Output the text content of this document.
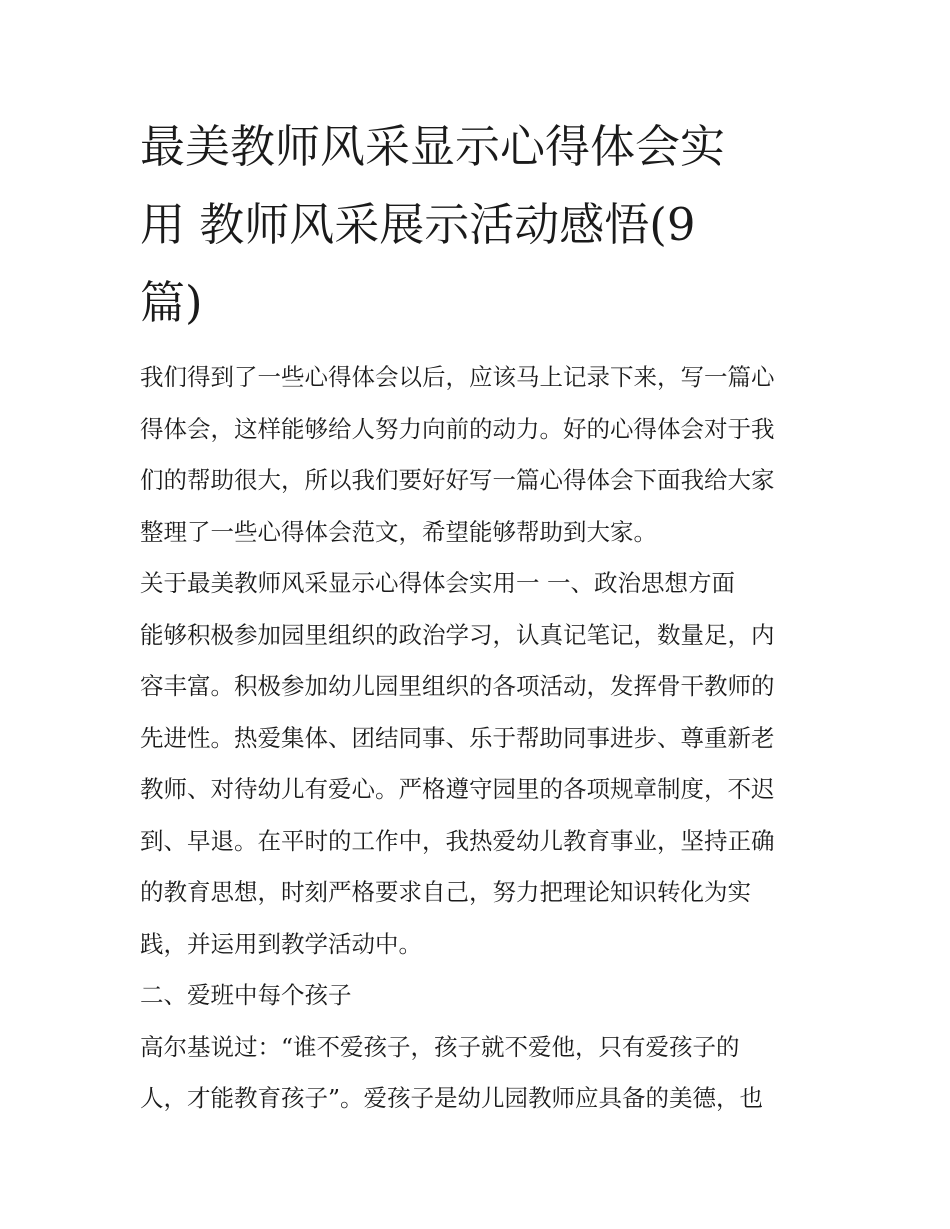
最美教师风采显示心得体会实
用 教师风采展示活动感悟(9
篇)
我们得到了一些心得体会以后，应该马上记录下来，写一篇心
得体会，这样能够给人努力向前的动力。好的心得体会对于我
们的帮助很大，所以我们要好好写一篇心得体会下面我给大家
整理了一些心得体会范文，希望能够帮助到大家。
关于最美教师风采显示心得体会实用一 一、政治思想方面
能够积极参加园里组织的政治学习，认真记笔记，数量足，内
容丰富。积极参加幼儿园里组织的各项活动，发挥骨干教师的
先进性。热爱集体、团结同事、乐于帮助同事进步、尊重新老
教师、对待幼儿有爱心。严格遵守园里的各项规章制度，不迟
到、早退。在平时的工作中，我热爱幼儿教育事业，坚持正确
的教育思想，时刻严格要求自己，努力把理论知识转化为实
践，并运用到教学活动中。
二、爱班中每个孩子
高尔基说过：“谁不爱孩子，孩子就不爱他，只有爱孩子的
人，才能教育孩子”。爱孩子是幼儿园教师应具备的美德，也
